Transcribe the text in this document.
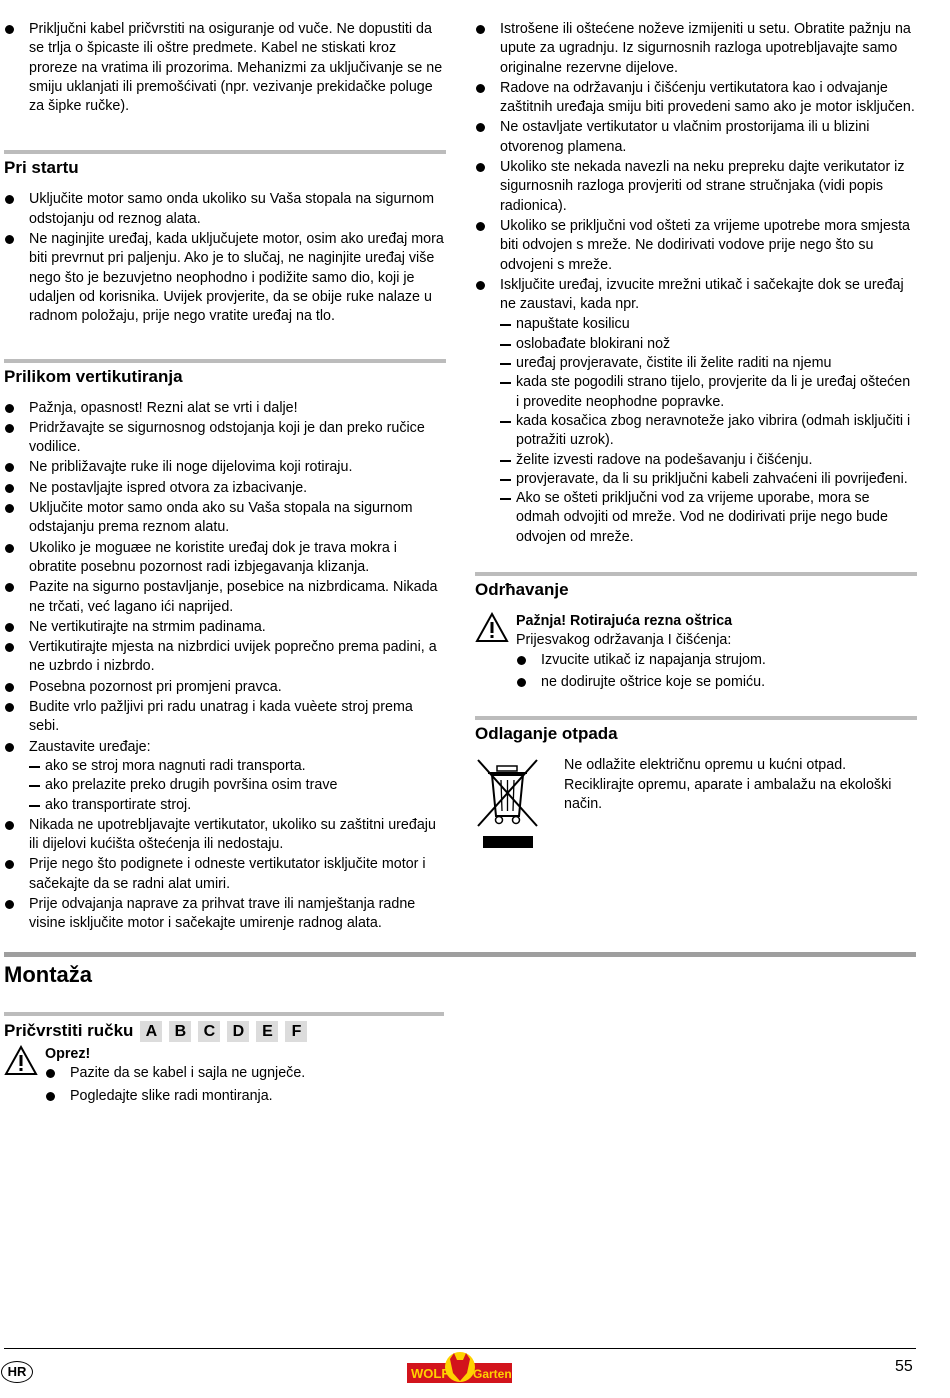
Priključni kabel pričvrstiti na osiguranje od vuče. Ne dopustiti da se trlja o špicaste ili oštre predmete. Kabel ne stiskati kroz proreze na vratima ili prozorima. Mehanizmi za uključivanje se ne smiju uklanjati ili premošćivati (npr. vezivanje prekidačke poluge za šipke ručke).
Pri startu
Uključite motor samo onda ukoliko su Vaša stopala na sigurnom odstojanju od reznog alata.
Ne naginjite uređaj, kada uključujete motor, osim ako uređaj mora biti prevrnut pri paljenju. Ako je to slučaj, ne naginjite uređaj više nego što je bezuvjetno neophodno i podižite samo dio, koji je udaljen od korisnika. Uvijek provjerite, da se obije ruke nalaze u radnom položaju, prije nego vratite uređaj na tlo.
Prilikom vertikutiranja
Pažnja, opasnost! Rezni alat se vrti i dalje!
Pridržavajte se sigurnosnog odstojanja koji je dan preko ručice vodilice.
Ne približavajte ruke ili noge dijelovima koji rotiraju.
Ne postavljajte ispred otvora za izbacivanje.
Uključite motor samo onda ako su Vaša stopala na sigurnom odstajanju prema reznom alatu.
Ukoliko je moguæe ne koristite uređaj dok je trava mokra i obratite posebnu pozornost radi izbjegavanja klizanja.
Pazite na sigurno postavljanje, posebice na nizbrdicama. Nikada ne trčati, već lagano ići naprijed.
Ne vertikutirajte na strmim padinama.
Vertikutirajte mjesta na nizbrdici uvijek poprečno prema padini, a ne uzbrdo i nizbrdo.
Posebna pozornost pri promjeni pravca.
Budite vrlo pažljivi pri radu unatrag i kada vuèete stroj prema sebi.
Zaustavite uređaje:
ako se stroj mora nagnuti radi transporta.
ako prelazite preko drugih površina osim trave
ako transportirate stroj.
Nikada ne upotrebljavajte vertikutator, ukoliko su zaštitni uređaju ili dijelovi kućišta oštećenja ili nedostaju.
Prije nego što podignete i odneste vertikutator isključite motor i sačekajte da se radni alat umiri.
Prije odvajanja naprave za prihvat trave ili namještanja radne visine isključite motor i sačekajte umirenje radnog alata.
Istrošene ili oštećene noževe izmijeniti u setu. Obratite pažnju na upute za ugradnju. Iz sigurnosnih razloga upotrebljavajte samo originalne rezervne dijelove.
Radove na održavanju i čišćenju vertikutatora kao i odvajanje zaštitnih uređaja smiju biti provedeni samo ako je motor isključen.
Ne ostavljate vertikutator u vlačnim prostorijama ili u blizini otvorenog plamena.
Ukoliko ste nekada navezli na neku prepreku dajte verikutator iz sigurnosnih razloga provjeriti od strane stručnjaka (vidi popis radionica).
Ukoliko se priključni vod ošteti za vrijeme upotrebe mora smjesta biti odvojen s mreže. Ne dodirivati vodove prije nego što su odvojeni s mreže.
Isključite uređaj, izvucite mrežni utikač i sačekajte dok se uređaj ne zaustavi, kada npr.
napuštate kosilicu
oslobađate blokirani nož
uređaj provjeravate, čistite ili želite raditi na njemu
kada ste pogodili strano tijelo, provjerite da li je uređaj oštećen i provedite neophodne popravke.
kada kosačica zbog neravnoteže jako vibrira (odmah isključiti i potražiti uzrok).
želite izvesti radove na podešavanju i čišćenju.
provjeravate, da li su priključni kabeli zahvaćeni ili povrijeđeni.
Ako se ošteti priključni vod za vrijeme uporabe, mora se odmah odvojiti od mreže. Vod ne dodirivati prije nego bude odvojen od mreže.
Odrħavanje
Pažnja! Rotirajuća rezna oštrica
Prijesvakog održavanja I čišćenja:
Izvucite utikač iz napajanja strujom.
ne dodirujte oštrice koje se pomiću.
Odlaganje otpada
Ne odlažite električnu opremu u kućni otpad. Reciklirajte opremu, aparate i ambalažu na ekološki način.
Montaža
Pričvrstiti ručku A	B	C	D	E	F
Oprez!
Pazite da se kabel i sajla ne ugnječe.
Pogledajte slike radi montiranja.
HR	WOLF Garten	55
